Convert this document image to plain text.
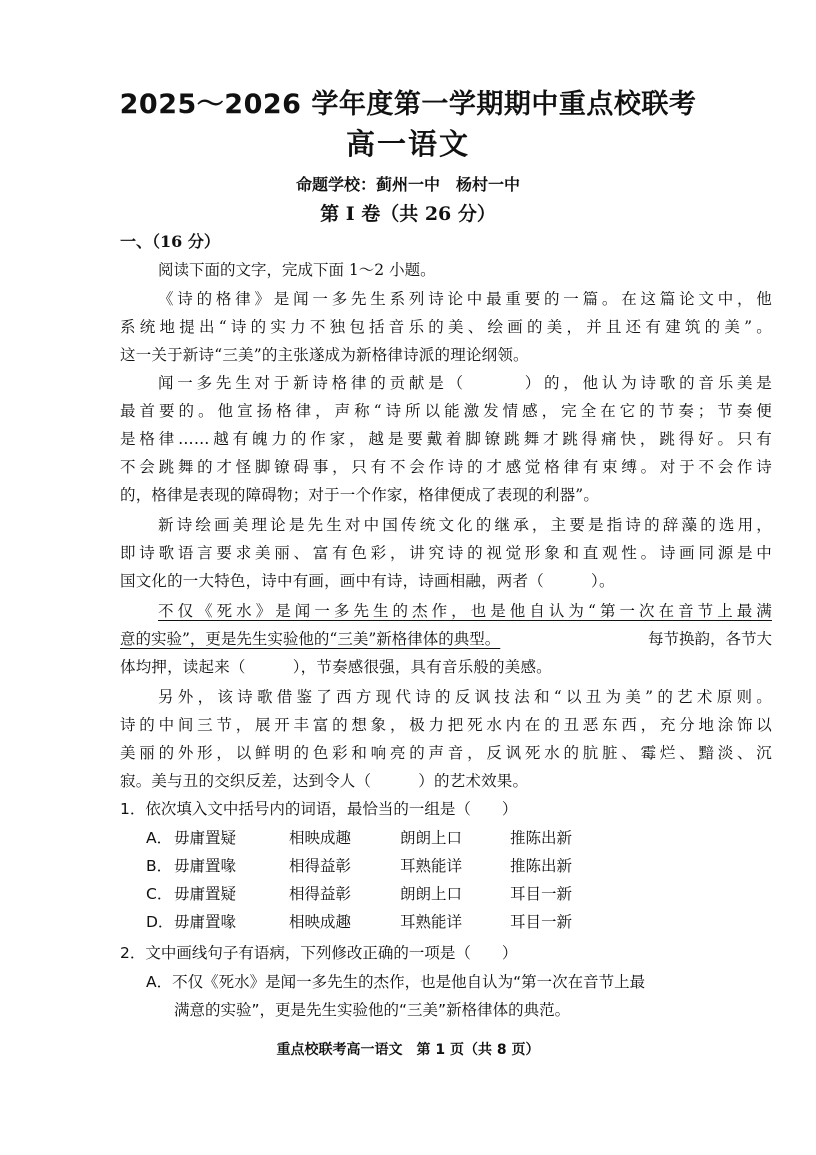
2025～2026 学年度第一学期期中重点校联考
高一语文
命题学校：蓟州一中　杨村一中
第 I 卷（共 26 分）
一、（16 分）
阅读下面的文字，完成下面 1～2 小题。
《诗的格律》是闻一多先生系列诗论中最重要的一篇。在这篇论文中，他
系统地提出“诗的实力不独包括音乐的美、绘画的美，并且还有建筑的美”。
这一关于新诗“三美”的主张遂成为新格律诗派的理论纲领。
闻一多先生对于新诗格律的贡献是（　　　）的，他认为诗歌的音乐美是
最首要的。他宣扬格律，声称“诗所以能激发情感，完全在它的节奏；节奏便
是格律……越有魄力的作家，越是要戴着脚镣跳舞才跳得痛快，跳得好。只有
不会跳舞的才怪脚镣碍事，只有不会作诗的才感觉格律有束缚。对于不会作诗
的，格律是表现的障碍物；对于一个作家，格律便成了表现的利器”。
新诗绘画美理论是先生对中国传统文化的继承，主要是指诗的辞藻的选用，
即诗歌语言要求美丽、富有色彩，讲究诗的视觉形象和直观性。诗画同源是中
国文化的一大特色，诗中有画，画中有诗，诗画相融，两者（　　　）。
不仅《死水》是闻一多先生的杰作，也是他自认为“第一次在音节上最满
意的实验”，更是先生实验他的“三美”新格律体的典型。	每节换韵，各节大
体均押，读起来（　　　），节奏感很强，具有音乐般的美感。
另外，该诗歌借鉴了西方现代诗的反讽技法和“以丑为美”的艺术原则。
诗的中间三节，展开丰富的想象，极力把死水内在的丑恶东西，充分地涂饰以
美丽的外形，以鲜明的色彩和响亮的声音，反讽死水的肮脏、霉烂、黯淡、沉
寂。美与丑的交织反差，达到令人（　　　）的艺术效果。
1．依次填入文中括号内的词语，最恰当的一组是（　　）
A． 毋庸置疑	相映成趣	朗朗上口	推陈出新
B． 毋庸置喙	相得益彰	耳熟能详	推陈出新
C． 毋庸置疑	相得益彰	朗朗上口	耳目一新
D． 毋庸置喙	相映成趣	耳熟能详	耳目一新
2．文中画线句子有语病，下列修改正确的一项是（　　）
A．不仅《死水》是闻一多先生的杰作，也是他自认为“第一次在音节上最
满意的实验”，更是先生实验他的“三美”新格律体的典范。
重点校联考高一语文　第 1 页（共 8 页）
